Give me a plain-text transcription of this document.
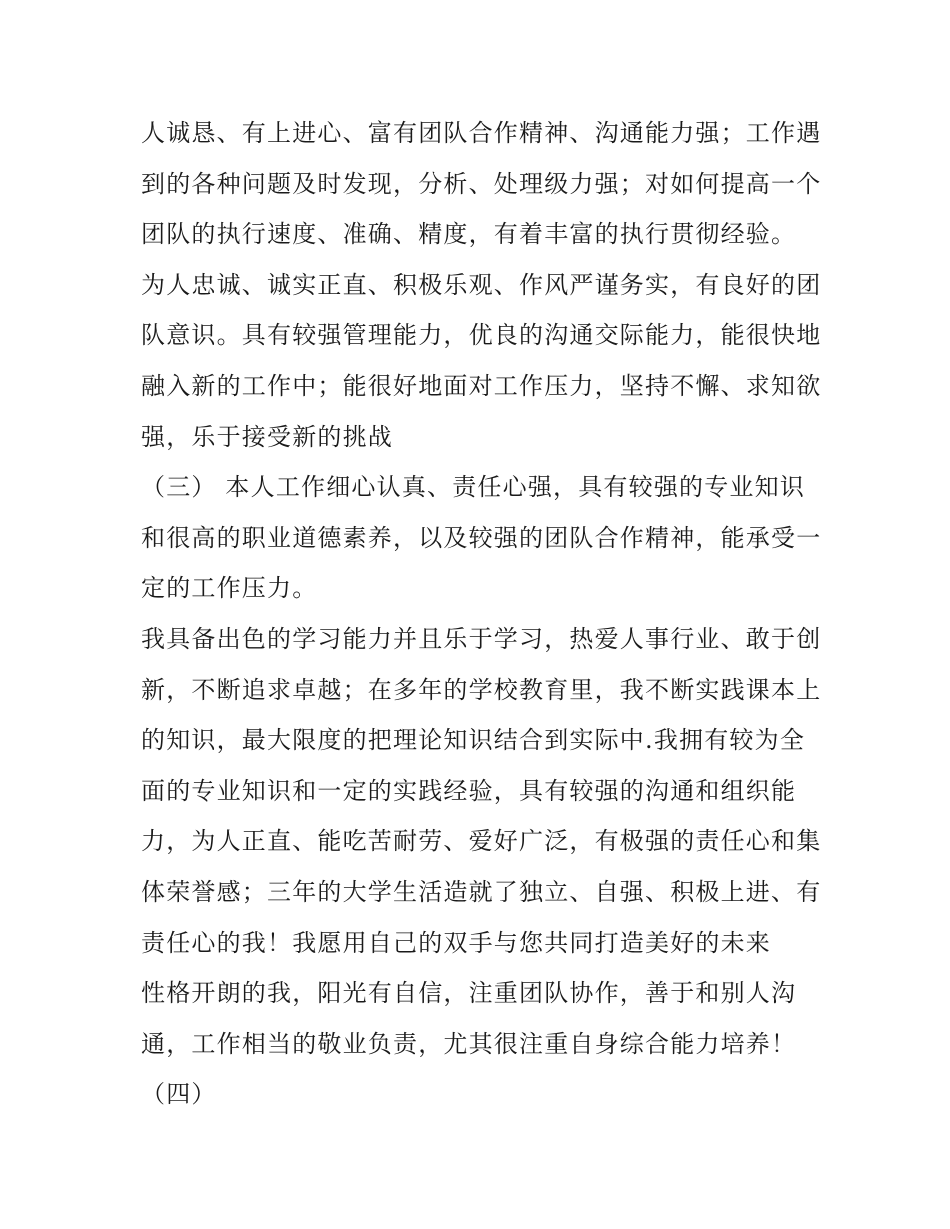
人诚恳、有上进心、富有团队合作精神、沟通能力强；工作遇
到的各种问题及时发现，分析、处理级力强；对如何提高一个
团队的执行速度、准确、精度，有着丰富的执行贯彻经验。
为人忠诚、诚实正直、积极乐观、作风严谨务实，有良好的团
队意识。具有较强管理能力，优良的沟通交际能力，能很快地
融入新的工作中；能很好地面对工作压力，坚持不懈、求知欲
强，乐于接受新的挑战
（三） 本人工作细心认真、责任心强，具有较强的专业知识
和很高的职业道德素养，以及较强的团队合作精神，能承受一
定的工作压力。
我具备出色的学习能力并且乐于学习，热爱人事行业、敢于创
新，不断追求卓越；在多年的学校教育里，我不断实践课本上
的知识，最大限度的把理论知识结合到实际中.我拥有较为全
面的专业知识和一定的实践经验，具有较强的沟通和组织能
力，为人正直、能吃苦耐劳、爱好广泛，有极强的责任心和集
体荣誉感；三年的大学生活造就了独立、自强、积极上进、有
责任心的我！我愿用自己的双手与您共同打造美好的未来
性格开朗的我，阳光有自信，注重团队协作，善于和别人沟
通，工作相当的敬业负责，尤其很注重自身综合能力培养！
（四）
